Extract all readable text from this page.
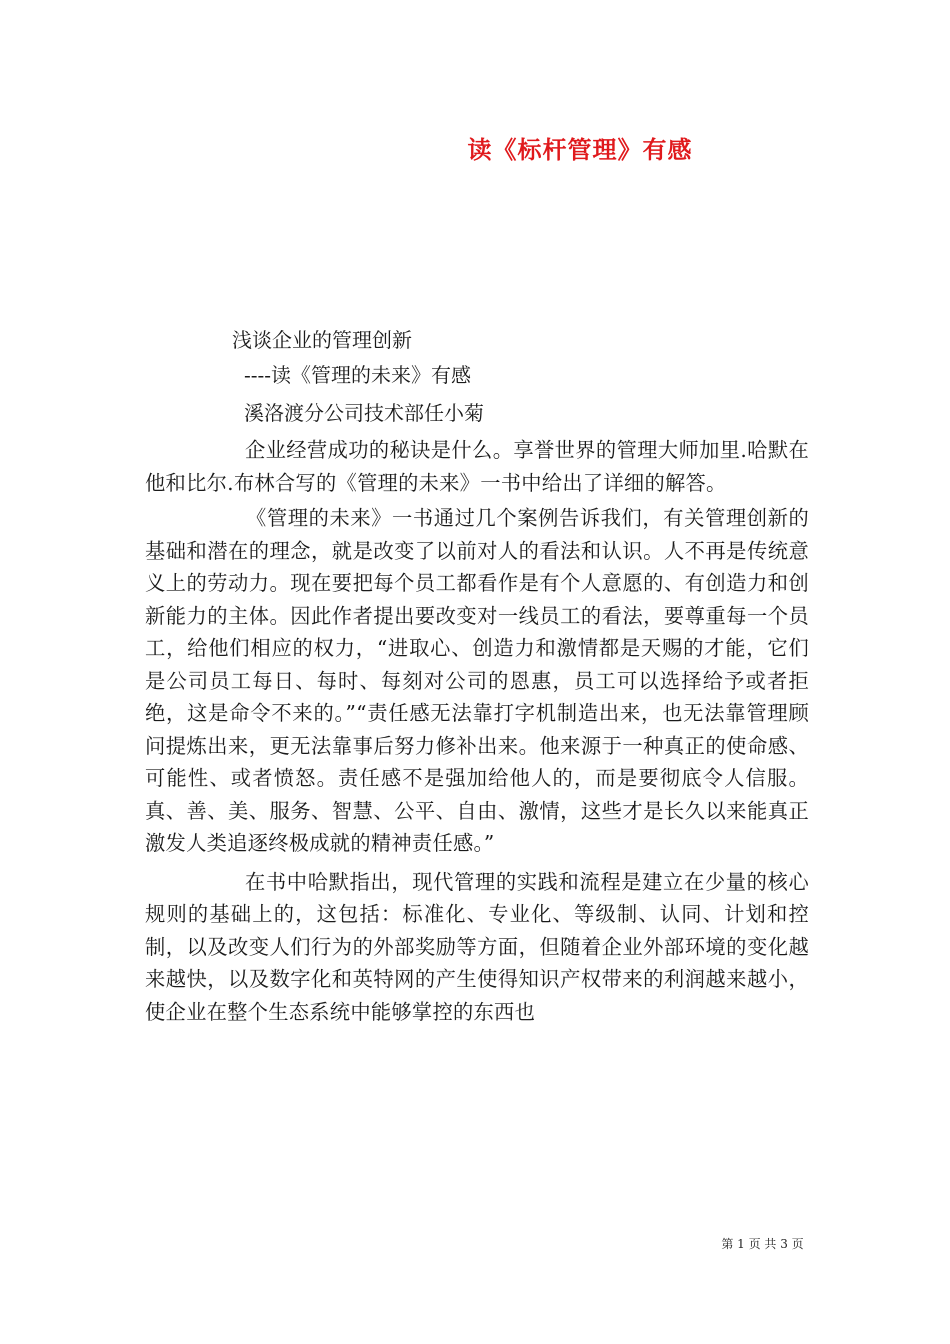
读《标杆管理》有感
浅谈企业的管理创新
----读《管理的未来》有感
溪洛渡分公司技术部任小菊

企业经营成功的秘诀是什么。享誉世界的管理大师加里.哈默在他和比尔.布林合写的《管理的未来》一书中给出了详细的解答。

《管理的未来》一书通过几个案例告诉我们，有关管理创新的基础和潜在的理念，就是改变了以前对人的看法和认识。人不再是传统意义上的劳动力。现在要把每个员工都看作是有个人意愿的、有创造力和创新能力的主体。因此作者提出要改变对一线员工的看法，要尊重每一个员工，给他们相应的权力，“进取心、创造力和激情都是天赐的才能，它们是公司员工每日、每时、每刻对公司的恩惠，员工可以选择给予或者拒绝，这是命令不来的。”“责任感无法靠打字机制造出来，也无法靠管理顾问提炼出来，更无法靠事后努力修补出来。他来源于一种真正的使命感、可能性、或者愤怒。责任感不是强加给他人的，而是要彻底令人信服。真、善、美、服务、智慧、公平、自由、激情，这些才是长久以来能真正激发人类追逐终极成就的精神责任感。”

在书中哈默指出，现代管理的实践和流程是建立在少量的核心规则的基础上的，这包括：标准化、专业化、等级制、认同、计划和控制，以及改变人们行为的外部奖励等方面，但随着企业外部环境的变化越来越快，以及数字化和英特网的产生使得知识产权带来的利润越来越小，使企业在整个生态系统中能够掌控的东西也

第 1 页 共 3 页
